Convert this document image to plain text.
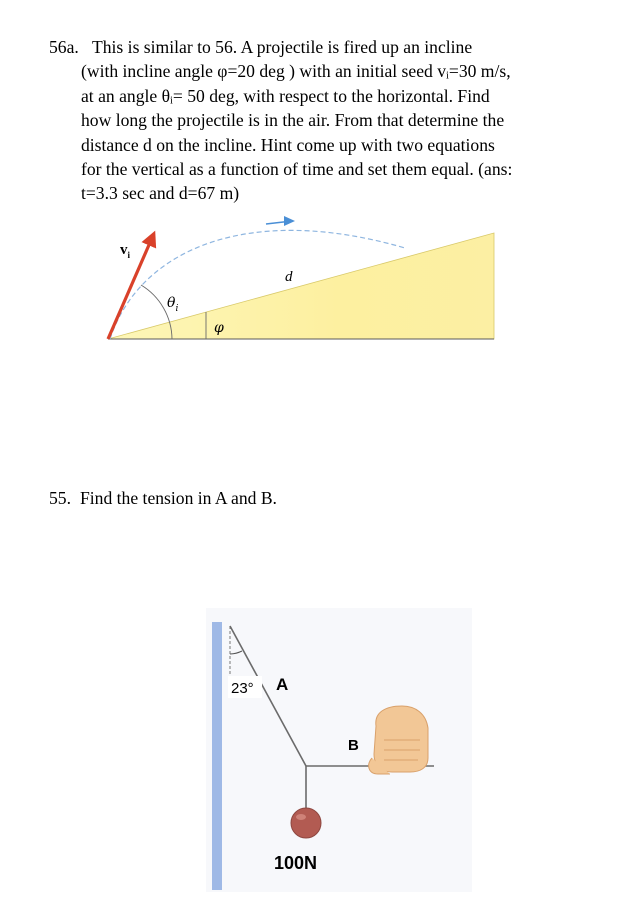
56a. This is similar to 56. A projectile is fired up an incline
(with incline angle φ=20 deg ) with an initial seed vᵢ=30 m/s,
at an angle θᵢ= 50 deg, with respect to the horizontal. Find
how long the projectile is in the air. From that determine the
distance d on the incline. Hint come up with two equations
for the vertical as a function of time and set them equal. (ans:
t=3.3 sec and d=67 m)
$v_i$
$\theta_i$
φ
d
55. Find the tension in A and B.
23° A
B
100N
